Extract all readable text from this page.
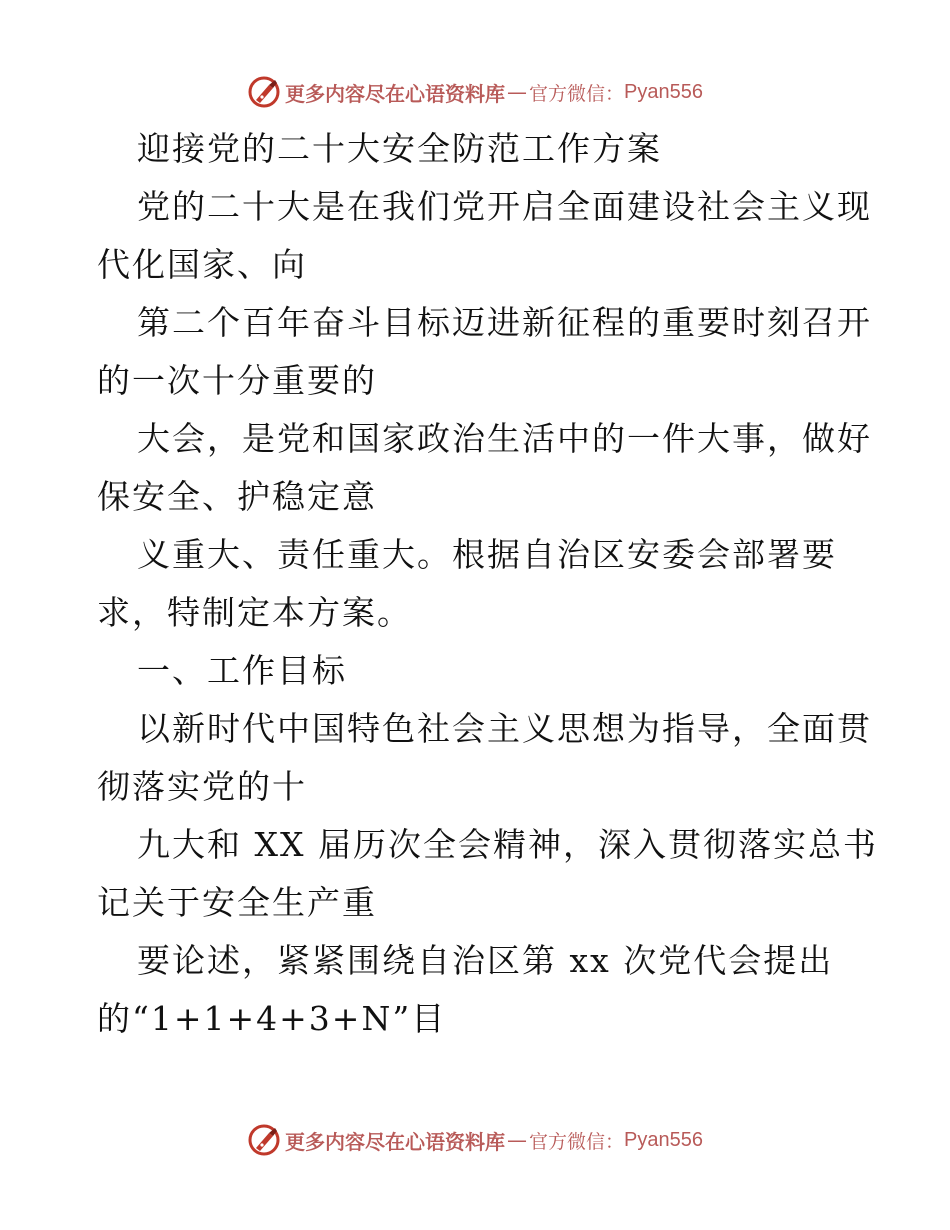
更多内容尽在心语资料库 — 官方微信： Pyan556
迎接党的二十大安全防范工作方案
党的二十大是在我们党开启全面建设社会主义现
代化国家、向
第二个百年奋斗目标迈进新征程的重要时刻召开
的一次十分重要的
大会，是党和国家政治生活中的一件大事，做好
保安全、护稳定意
义重大、责任重大。根据自治区安委会部署要
求，特制定本方案。
一、工作目标
以新时代中国特色社会主义思想为指导，全面贯
彻落实党的十
九大和 XX 届历次全会精神，深入贯彻落实总书
记关于安全生产重
要论述，紧紧围绕自治区第 xx 次党代会提出
的“1+1+4+3+N”目
更多内容尽在心语资料库 — 官方微信： Pyan556
